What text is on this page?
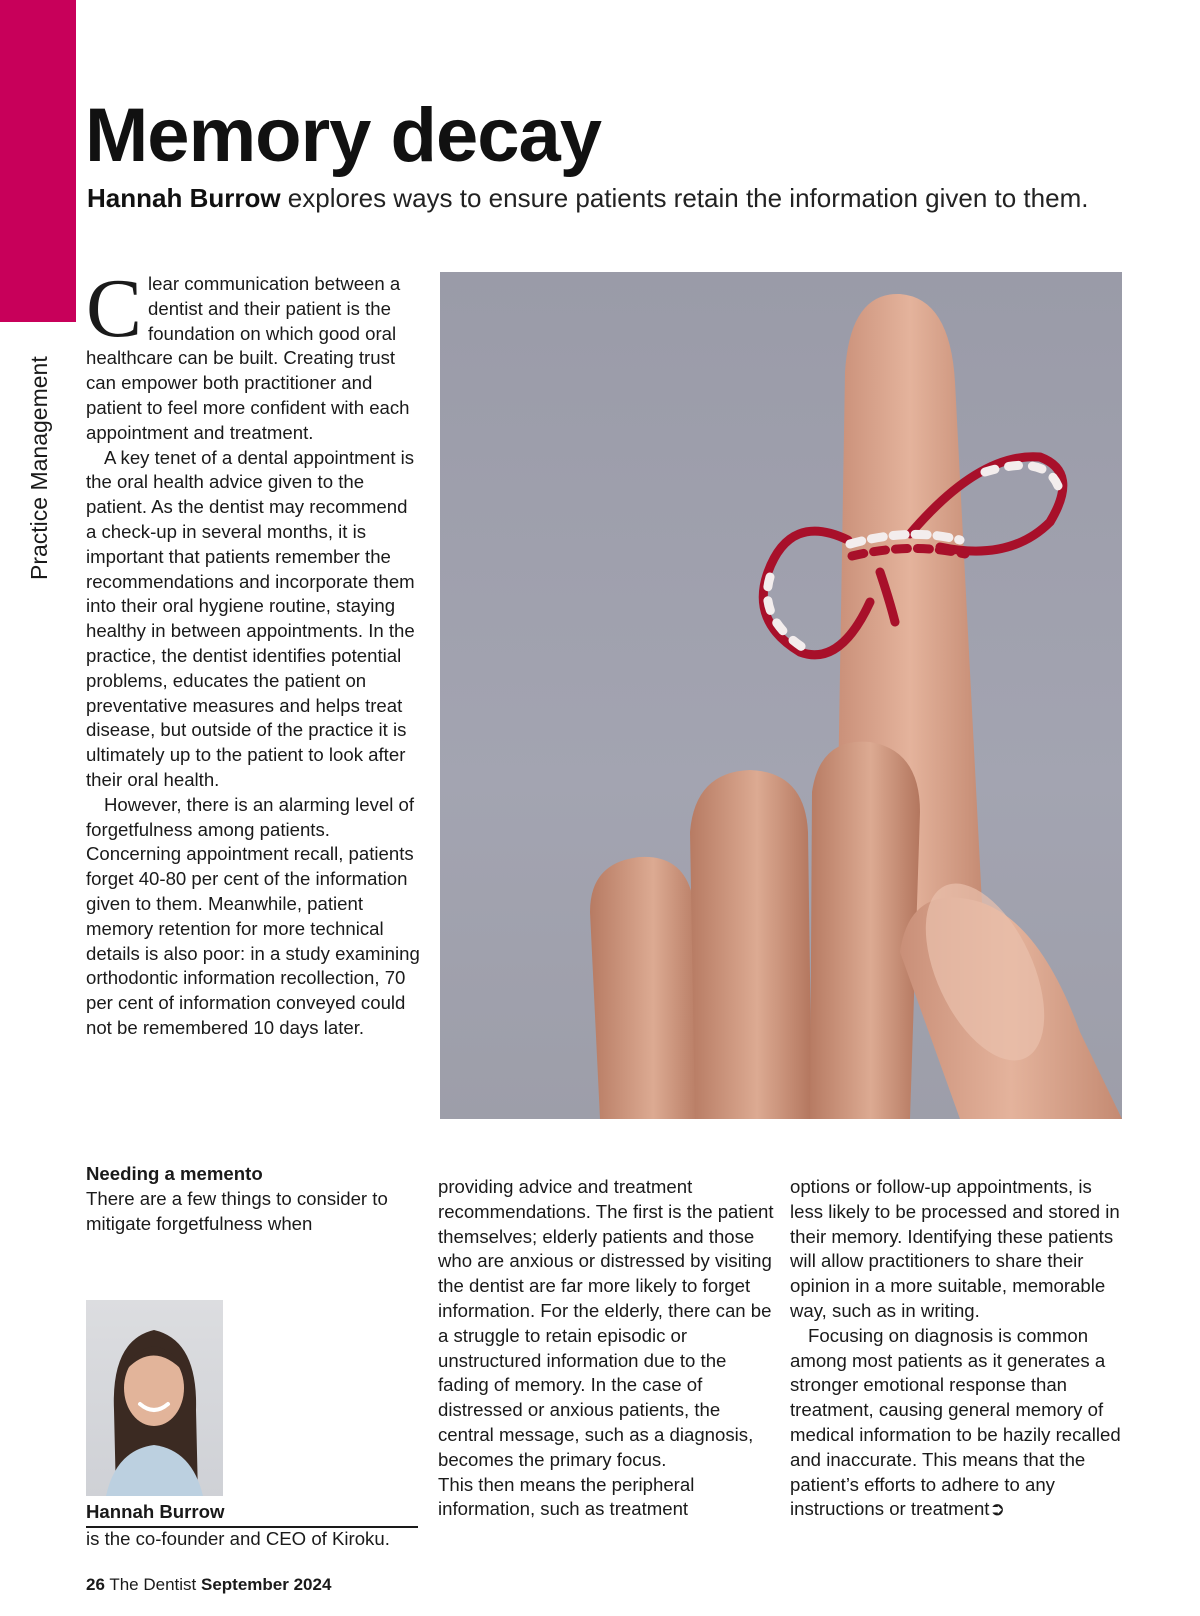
Practice Management
Memory decay
Hannah Burrow explores ways to ensure patients retain the information given to them.

Clear communication between a dentist and their patient is the foundation on which good oral healthcare can be built. Creating trust can empower both practitioner and patient to feel more confident with each appointment and treatment.

A key tenet of a dental appointment is the oral health advice given to the patient. As the dentist may recommend a check-up in several months, it is important that patients remember the recommendations and incorporate them into their oral hygiene routine, staying healthy in between appointments. In the practice, the dentist identifies potential problems, educates the patient on preventative measures and helps treat disease, but outside of the practice it is ultimately up to the patient to look after their oral health.

However, there is an alarming level of forgetfulness among patients. Concerning appointment recall, patients forget 40-80 per cent of the information given to them. Meanwhile, patient memory retention for more technical details is also poor: in a study examining orthodontic information recollection, 70 per cent of information conveyed could not be remembered 10 days later.

Needing a memento

There are a few things to consider to mitigate forgetfulness when

Hannah Burrow
is the co-founder and CEO of Kiroku.

providing advice and treatment recommendations. The first is the patient themselves; elderly patients and those who are anxious or distressed by visiting the dentist are far more likely to forget information. For the elderly, there can be a struggle to retain episodic or unstructured information due to the fading of memory. In the case of distressed or anxious patients, the central message, such as a diagnosis, becomes the primary focus.

This then means the peripheral information, such as treatment

options or follow-up appointments, is less likely to be processed and stored in their memory. Identifying these patients will allow practitioners to share their opinion in a more suitable, memorable way, such as in writing.

Focusing on diagnosis is common among most patients as it generates a stronger emotional response than treatment, causing general memory of medical information to be hazily recalled and inaccurate. This means that the patient’s efforts to adhere to any instructions or treatment➲

26 The Dentist September 2024
